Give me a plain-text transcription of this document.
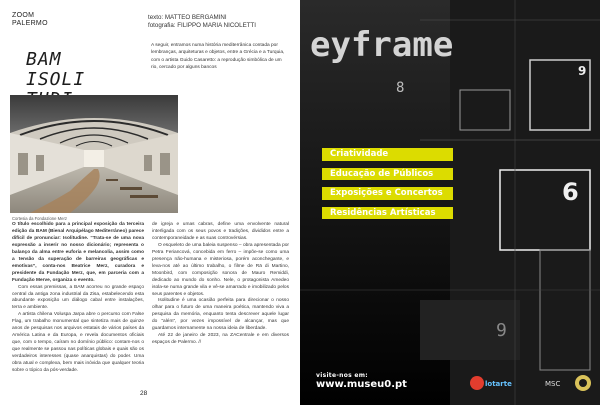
ZOOM
PALERMO
texto: MATTEO BERGAMINI
fotografia: FILIPPO MARIA NICOLETTI
BAM
ISOLI
A seguir, entramos numa história mediterrânica contada por lembranças, arquiteturas e objetos, entre a Grécia e a Turquia, com o artista Guido Casaretto: a reprodução simbólica de um rio, cercado por alguns bancos
Cortesia da Fondazione Merz

O título escolhido para a principal exposição da terceira edição da BAM (Bienal Arquipélago Mediterrâneo) parece difícil de pronunciar: Isolitudine. “Trata-se de uma nova expressão a inserir no nosso dicionário; representa o balanço da alma entre euforia e melancolia, assim como a tensão da superação de barreiras geográficas e emotivas”, conta-nos Beatrice Merz, curadora e presidente da Fundação Merz, que, em parceria com a Fundação Merve, organiza o evento.

Com essas premissas, a BAM acorreu no grande espaço central da antiga zona industrial da Zisa, estabelecendo esta abundante exposição um diálogo cabal entre instalações, terra e ambiente.

A artista chilena Voluspa Jarpa abre o percurso com False Flag, um trabalho monumental que sintetiza mais de quinze anos de pesquisas nos arquivos estatais de vários países da América Latina e da Europa, e revela documentos oficiais que, com o tempo, caíram no domínio público: contam-nos o que realmente se passou nas políticas globais e quais são os verdadeiros interesses (quase anarquistas) do poder. Uma obra atual e complexa, bem mais inóvida que qualquer teoria sobre o tópico da pós-verdade.

de igreja e umas cabras, define uma envolvente natural interligada com os seus povos e tradições, divididos entre a contemporaneidade e as suas controvérsias.

O esqueleto de uma baleia suspenso – obra apresentada por Petra Feriancová, concebida em ferro – impõe-se como uma presença não-humana e misteriosa, porém aconchegante, e leva-nos até ao último trabalho, o filme de Rä di Martino, Moonbird, com composição sonora de Mauro Remiddi, dedicado ao mundo do sonho. Nele, o protagonista Amedeo isola-se numa grande vila e vê-se amarrado e imobilizado pelos seus parentes e objetos.

Isolitudine é uma ocasião perfeita para direcionar o nosso olhar para o futuro de uma maneira poética, mantendo viva a pesquisa da memória, enquanto tenta descrever aquele lugar do “além”, por vezes impossível de alcançar, mas que guardamos internamente na nossa ideia de liberdade.

Até 22 de janeiro de 2023, na ZACentrale e em diversos espaços de Palermo. //

28
eyframe
8
9
6
9
Criatividade
Educação de Públicos
Exposições e Concertos
Residências Artísticas
visite-nos em:
www.museu0.pt	lotarte	MSC
